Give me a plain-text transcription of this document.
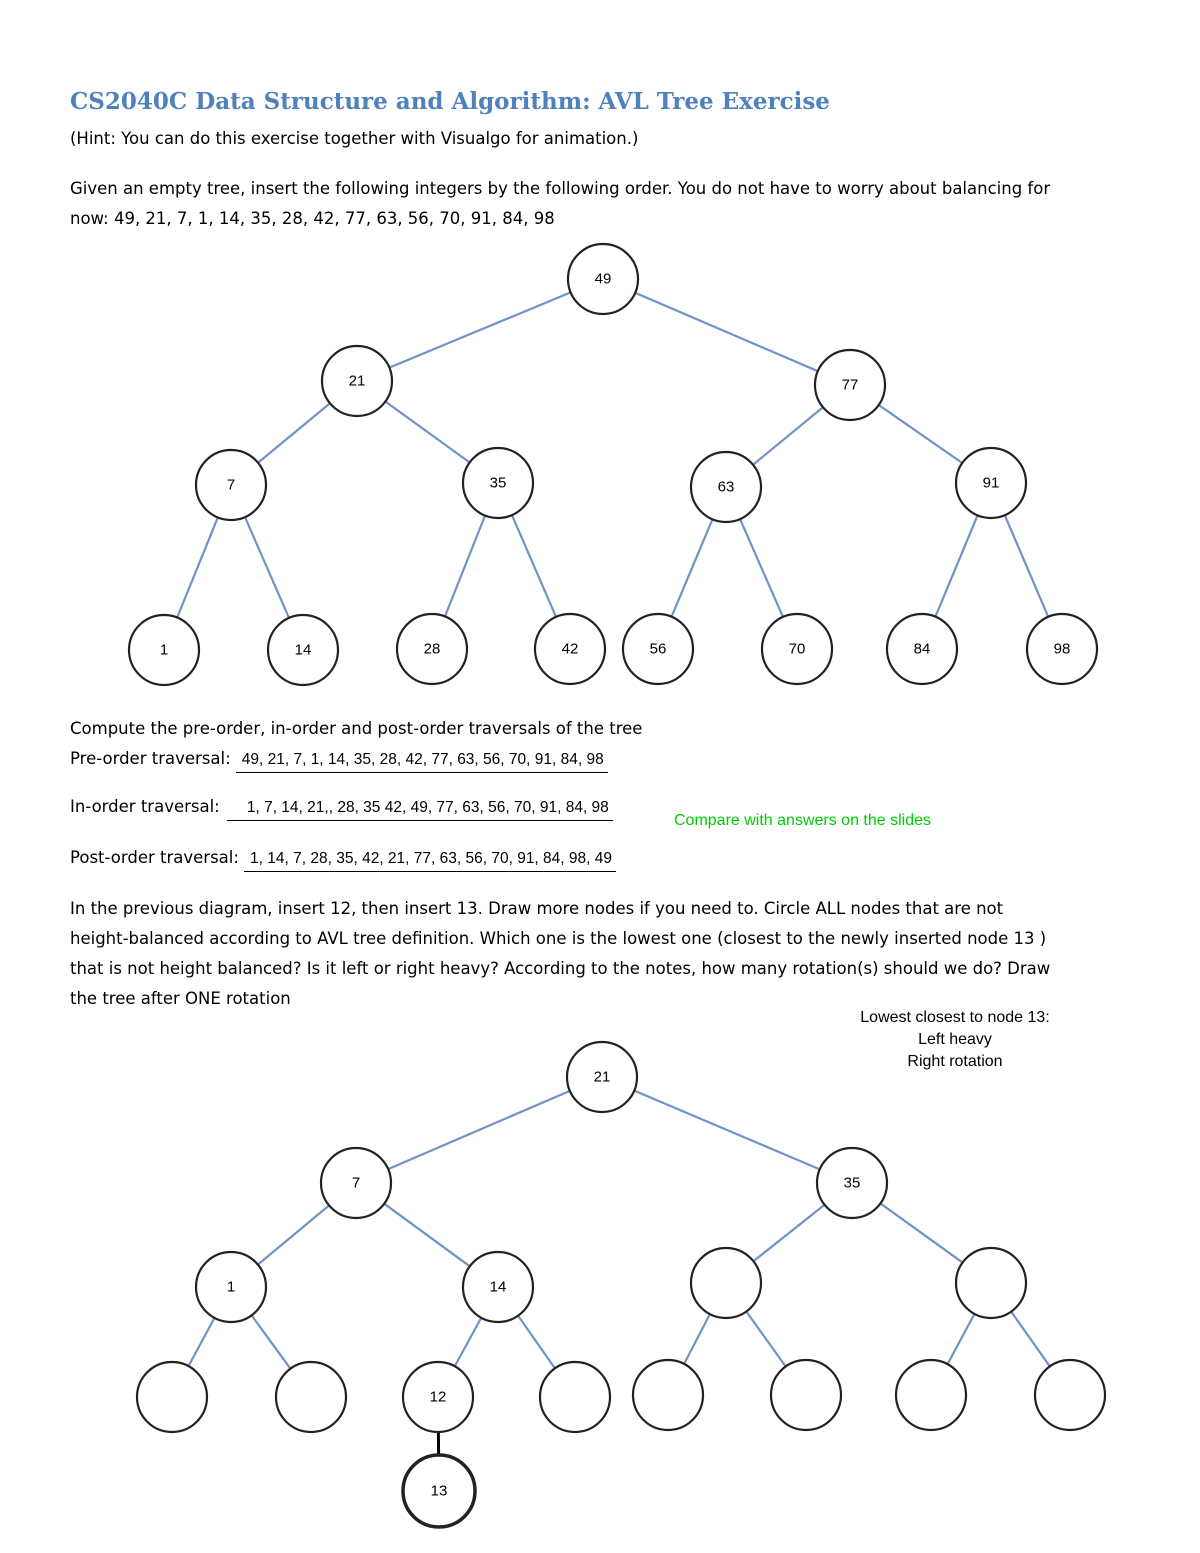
CS2040C Data Structure and Algorithm: AVL Tree Exercise
(Hint: You can do this exercise together with Visualgo for animation.)
Given an empty tree, insert the following integers by the following order. You do not have to worry about balancing for
now: 49, 21, 7, 1, 14, 35, 28, 42, 77, 63, 56, 70, 91, 84, 98
49
21	77
7	35	63	91
1	14	28	42	56	70	84	98
Compute the pre-order, in-order and post-order traversals of the tree
Pre-order traversal: 49, 21, 7, 1, 14, 35, 28, 42, 77, 63, 56, 70, 91, 84, 98
In-order traversal: 1, 7, 14, 21,, 28, 35 42, 49, 77, 63, 56, 70, 91, 84, 98
Compare with answers on the slides
Post-order traversal: 1, 14, 7, 28, 35, 42, 21, 77, 63, 56, 70, 91, 84, 98, 49
In the previous diagram, insert 12, then insert 13. Draw more nodes if you need to. Circle ALL nodes that are not
height-balanced according to AVL tree definition. Which one is the lowest one (closest to the newly inserted node 13 )
that is not height balanced? Is it left or right heavy? According to the notes, how many rotation(s) should we do? Draw
the tree after ONE rotation
Lowest closest to node 13:
Left heavy
Right rotation
21
7	35
1	14
12
13
